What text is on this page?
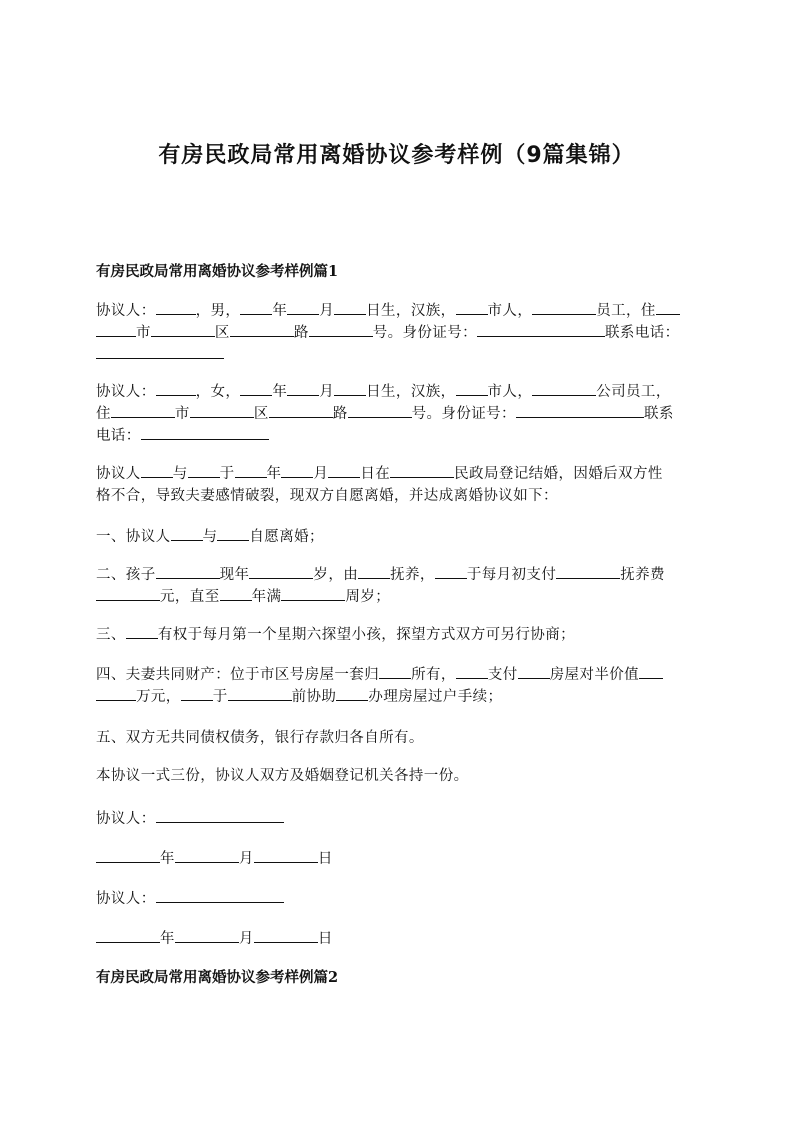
有房民政局常用离婚协议参考样例（9篇集锦）
有房民政局常用离婚协议参考样例篇1
协议人：	，男， 年 月 日生，汉族， 市人，	员工，住
市	区	路	号。身份证号：	联系电话：
协议人：	，女， 年 月 日生，汉族， 市人，	公司员工，
住	市	区	路	号。身份证号：	联系
电话：
协议人 与 于 年 月 日在	民政局登记结婚，因婚后双方性
格不合，导致夫妻感情破裂，现双方自愿离婚，并达成离婚协议如下：
一、协议人 与 自愿离婚；
二、孩子	现年	岁，由 抚养， 于每月初支付	抚养费
元，直至 年满	周岁；
三、 有权于每月第一个星期六探望小孩，探望方式双方可另行协商；
四、夫妻共同财产：位于市区号房屋一套归 所有， 支付 房屋对半价值
万元， 于	前协助 办理房屋过户手续；
五、双方无共同债权债务，银行存款归各自所有。
本协议一式三份，协议人双方及婚姻登记机关各持一份。
协议人：
年	月	日
协议人：
年	月	日
有房民政局常用离婚协议参考样例篇2
